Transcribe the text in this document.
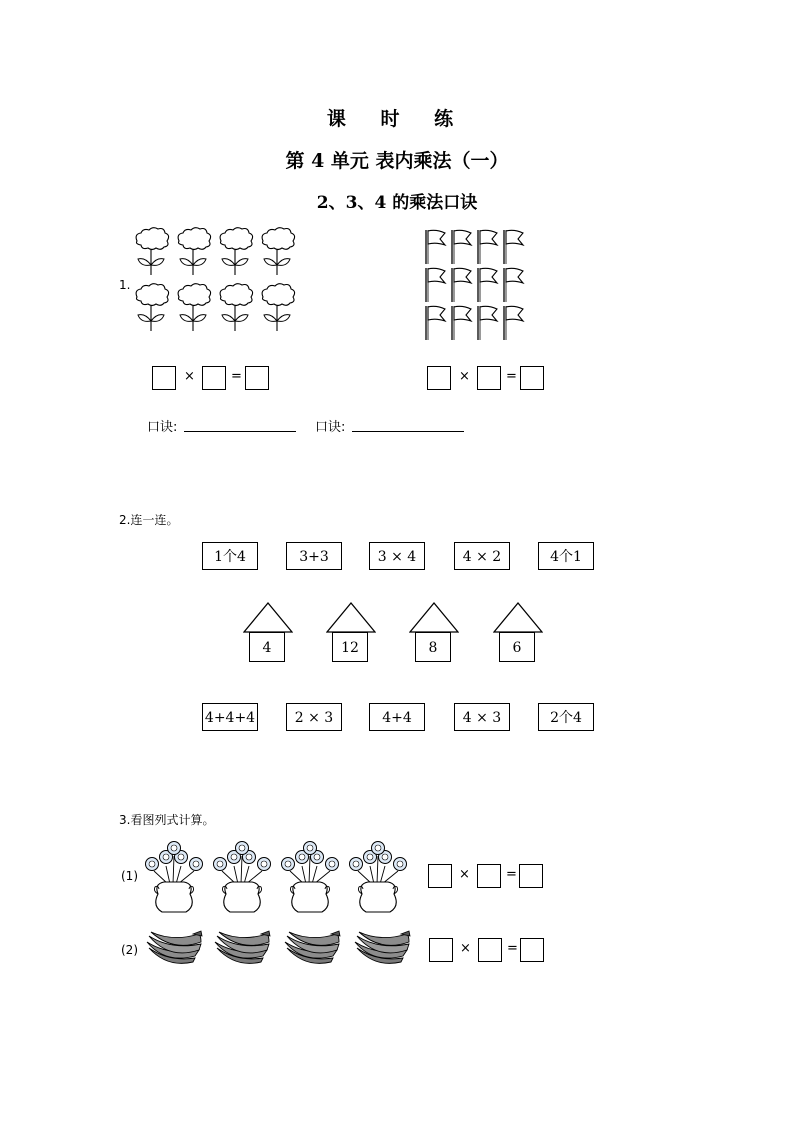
课 时 练
第 4 单元 表内乘法（一）
2、3、4 的乘法口诀
1.
×	=	×	=
口诀:	口诀:
2.连一连。
1个4	3+3	3 × 4	4 × 2	4个1
4	12	8	6
4+4+4	2 × 3	4+4	4 × 3	2个4
3.看图列式计算。
(1)	×	=
(2)	×	=
